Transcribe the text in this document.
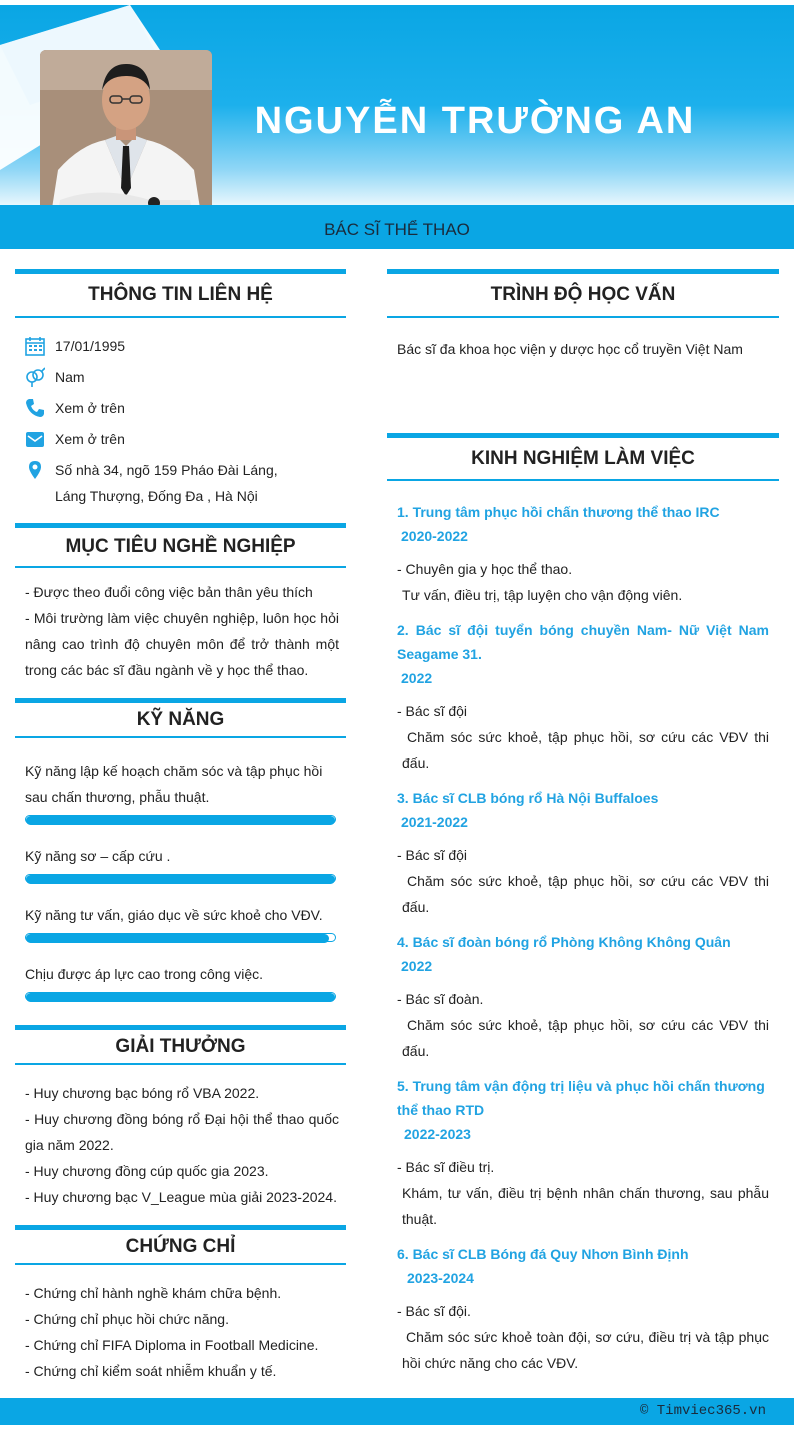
NGUYỄN TRƯỜNG AN
BÁC SĨ THỂ THAO
THÔNG TIN LIÊN HỆ
17/01/1995
Nam
Xem ở trên
Xem ở trên
Số nhà 34, ngõ 159 Pháo Đài Láng,
Láng Thượng, Đống Đa , Hà Nội
MỤC TIÊU NGHỀ NGHIỆP
- Được theo đuổi công việc bản thân yêu thích
- Môi trường làm việc chuyên nghiệp, luôn học hỏi nâng cao trình độ chuyên môn để trở thành một trong các bác sĩ đầu ngành về y học thể thao.
KỸ NĂNG
Kỹ năng lập kế hoạch chăm sóc và tập phục hồi sau chấn thương, phẫu thuật.
Kỹ năng sơ – cấp cứu .
Kỹ năng tư vấn, giáo dục về sức khoẻ cho VĐV.
Chịu được áp lực cao trong công việc.
GIẢI THƯỞNG
- Huy chương bạc bóng rổ VBA 2022.
- Huy chương đồng bóng rổ Đại hội thể thao quốc gia năm 2022.
- Huy chương đồng cúp quốc gia 2023.
- Huy chương bạc V_League mùa giải 2023-2024.
CHỨNG CHỈ
- Chứng chỉ hành nghề khám chữa bệnh.
- Chứng chỉ phục hồi chức năng.
- Chứng chỉ FIFA Diploma in Football Medicine.
- Chứng chỉ kiểm soát nhiễm khuẩn y tế.
TRÌNH ĐỘ HỌC VẤN
Bác sĩ đa khoa học viện y dược học cổ truyền Việt Nam
KINH NGHIỆM LÀM VIỆC
1. Trung tâm phục hồi chấn thương thể thao IRC
2020-2022
- Chuyên gia y học thể thao.
Tư vấn, điều trị, tập luyện cho vận động viên.
2. Bác sĩ đội tuyển bóng chuyền Nam- Nữ Việt Nam Seagame 31.
2022
- Bác sĩ đội
Chăm sóc sức khoẻ, tập phục hồi, sơ cứu các VĐV thi đấu.
3. Bác sĩ CLB bóng rổ Hà Nội Buffaloes
2021-2022
- Bác sĩ đội
Chăm sóc sức khoẻ, tập phục hồi, sơ cứu các VĐV thi đấu.
4. Bác sĩ đoàn bóng rổ Phòng Không Không Quân
2022
- Bác sĩ đoàn.
Chăm sóc sức khoẻ, tập phục hồi, sơ cứu các VĐV thi đấu.
5. Trung tâm vận động trị liệu và phục hồi chấn thương thể thao RTD
2022-2023
- Bác sĩ điều trị.
Khám, tư vấn, điều trị bệnh nhân chấn thương, sau phẫu thuật.
6. Bác sĩ CLB Bóng đá Quy Nhơn Bình Định
2023-2024
- Bác sĩ đội.
Chăm sóc sức khoẻ toàn đội, sơ cứu, điều trị và tập phục hồi chức năng cho các VĐV.
© Timviec365.vn
